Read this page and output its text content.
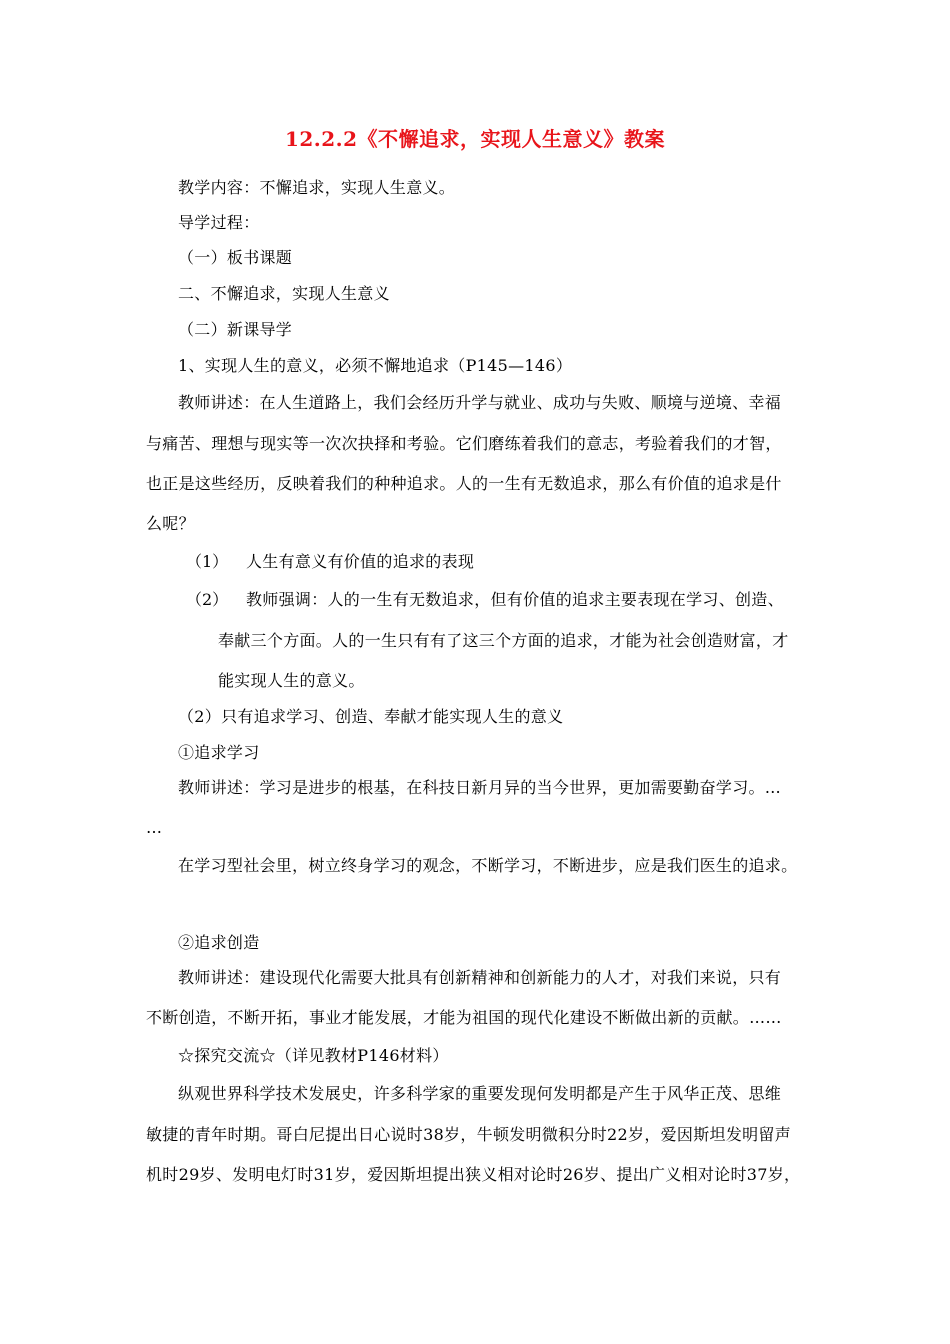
12.2.2《不懈追求，实现人生意义》教案
教学内容：不懈追求，实现人生意义。
导学过程：
（一）板书课题
二、不懈追求，实现人生意义
（二）新课导学
1、实现人生的意义，必须不懈地追求（P145—146）
教师讲述：在人生道路上，我们会经历升学与就业、成功与失败、顺境与逆境、幸福
与痛苦、理想与现实等一次次抉择和考验。它们磨练着我们的意志，考验着我们的才智，
也正是这些经历，反映着我们的种种追求。人的一生有无数追求，那么有价值的追求是什
么呢？
（1） 人生有意义有价值的追求的表现
（2） 教师强调：人的一生有无数追求，但有价值的追求主要表现在学习、创造、
奉献三个方面。人的一生只有有了这三个方面的追求，才能为社会创造财富，才
能实现人生的意义。
（2）只有追求学习、创造、奉献才能实现人生的意义
①追求学习
教师讲述：学习是进步的根基，在科技日新月异的当今世界，更加需要勤奋学习。…
…
在学习型社会里，树立终身学习的观念，不断学习，不断进步，应是我们医生的追求。
②追求创造
教师讲述：建设现代化需要大批具有创新精神和创新能力的人才，对我们来说，只有
不断创造，不断开拓，事业才能发展，才能为祖国的现代化建设不断做出新的贡献。……
☆探究交流☆（详见教材P146材料）
纵观世界科学技术发展史，许多科学家的重要发现何发明都是产生于风华正茂、思维
敏捷的青年时期。哥白尼提出日心说时38岁，牛顿发明微积分时22岁，爱因斯坦发明留声
机时29岁、发明电灯时31岁，爱因斯坦提出狭义相对论时26岁、提出广义相对论时37岁，
